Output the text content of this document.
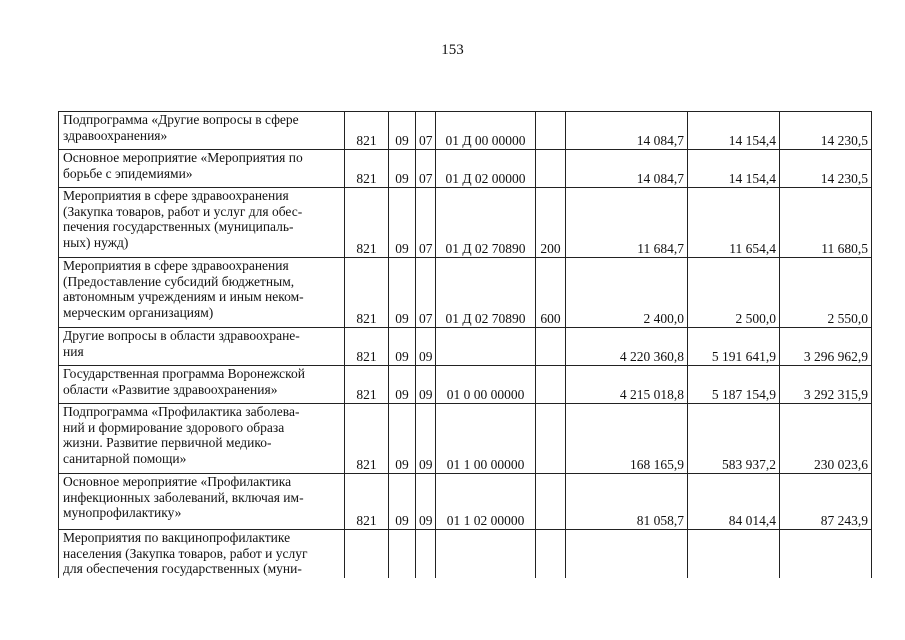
153
Подпрограмма «Другие вопросы в сфере
здравоохранения»	821	09	07	01 Д 00 00000		14 084,7	14 154,4	14 230,5
Основное мероприятие «Мероприятия по
борьбе с эпидемиями»	821	09	07	01 Д 02 00000		14 084,7	14 154,4	14 230,5
Мероприятия в сфере здравоохранения
(Закупка товаров, работ и услуг для обес-
печения государственных (муниципаль-
ных) нужд)	821	09	07	01 Д 02 70890	200	11 684,7	11 654,4	11 680,5
Мероприятия в сфере здравоохранения
(Предоставление субсидий бюджетным,
автономным учреждениям и иным неком-
мерческим организациям)	821	09	07	01 Д 02 70890	600	2 400,0	2 500,0	2 550,0
Другие вопросы в области здравоохране-
ния	821	09	09			4 220 360,8	5 191 641,9	3 296 962,9
Государственная программа Воронежской
области «Развитие здравоохранения»	821	09	09	01 0 00 00000		4 215 018,8	5 187 154,9	3 292 315,9
Подпрограмма «Профилактика заболева-
ний и формирование здорового образа
жизни. Развитие первичной медико-
санитарной помощи»	821	09	09	01 1 00 00000		168 165,9	583 937,2	230 023,6
Основное мероприятие «Профилактика
инфекционных заболеваний, включая им-
мунопрофилактику»	821	09	09	01 1 02 00000		81 058,7	84 014,4	87 243,9
Мероприятия по вакцинопрофилактике
населения (Закупка товаров, работ и услуг
для обеспечения государственных (муни-								
